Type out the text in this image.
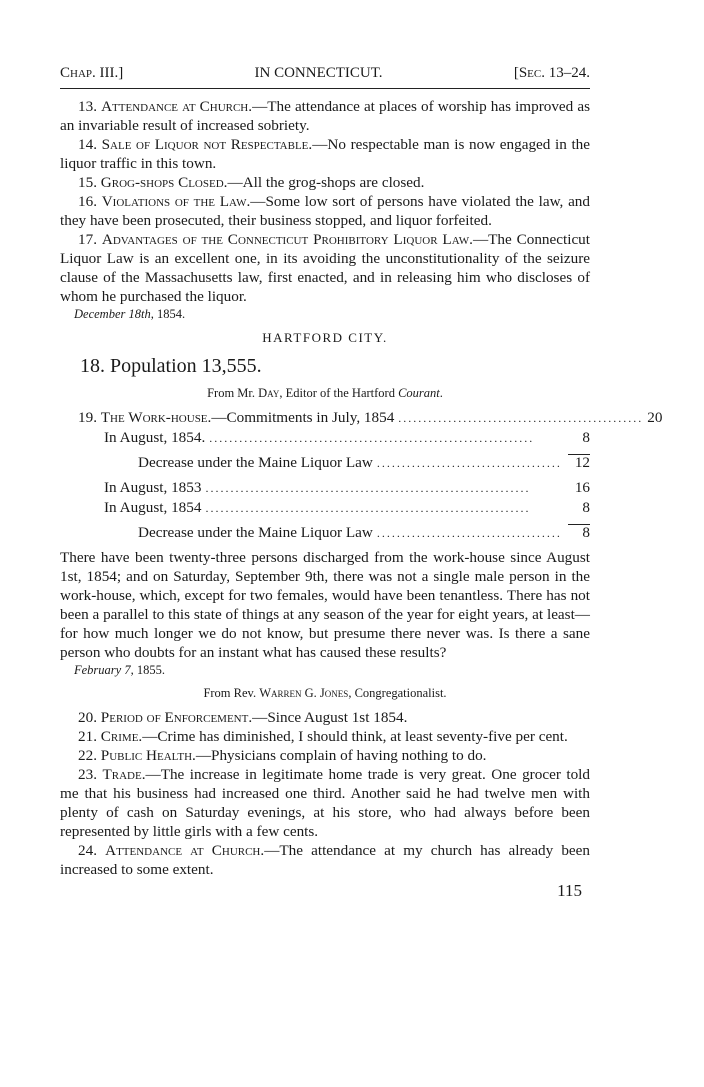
Chap. III.]	IN CONNECTICUT.	[Sec. 13–24.

13. Attendance at Church.—The attendance at places of worship has improved as an invariable result of increased sobriety.

14. Sale of Liquor not Respectable.—No respectable man is now engaged in the liquor traffic in this town.

15. Grog-shops Closed.—All the grog-shops are closed.

16. Violations of the Law.—Some low sort of persons have violated the law, and they have been prosecuted, their business stopped, and liquor forfeited.

17. Advantages of the Connecticut Prohibitory Liquor Law.—The Connecticut Liquor Law is an excellent one, in its avoiding the unconstitutionality of the seizure clause of the Massachusetts law, first enacted, and in releasing him who discloses of whom he purchased the liquor.

December 18th, 1854.

HARTFORD CITY.

18. Population 13,555.

From Mr. Day, Editor of the Hartford Courant.

19. The Work-house.—Commitments in July, 1854 ................................................. 20
In August, 1854. .................................................................	8
Decrease under the Maine Liquor Law ..................................... 12
In August, 1853 .................................................................	16
In August, 1854 .................................................................	8
Decrease under the Maine Liquor Law .....................................	8

There have been twenty-three persons discharged from the work-house since August 1st, 1854; and on Saturday, September 9th, there was not a single male person in the work-house, which, except for two females, would have been tenantless. There has not been a parallel to this state of things at any season of the year for eight years, at least—for how much longer we do not know, but presume there never was. Is there a sane person who doubts for an instant what has caused these results?

February 7, 1855.

From Rev. Warren G. Jones, Congregationalist.

20. Period of Enforcement.—Since August 1st 1854.

21. Crime.—Crime has diminished, I should think, at least seventy-five per cent.

22. Public Health.—Physicians complain of having nothing to do.

23. Trade.—The increase in legitimate home trade is very great. One grocer told me that his business had increased one third. Another said he had twelve men with plenty of cash on Saturday evenings, at his store, who had always before been represented by little girls with a few cents.

24. Attendance at Church.—The attendance at my church has already been increased to some extent.

115
